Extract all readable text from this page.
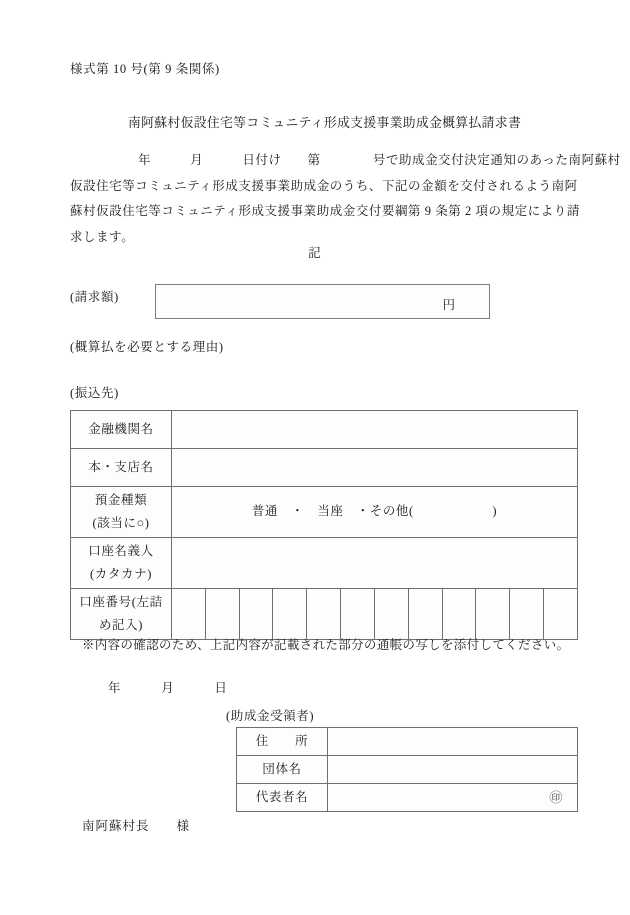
様式第 10 号(第 9 条関係)
南阿蘇村仮設住宅等コミュニティ形成支援事業助成金概算払請求書
年　　　月　　　日付け　　第　　　　号で助成金交付決定通知のあった南阿蘇村
仮設住宅等コミュニティ形成支援事業助成金のうち、下記の金額を交付されるよう南阿
蘇村仮設住宅等コミュニティ形成支援事業助成金交付要綱第 9 条第 2 項の規定により請
求します。
記
(請求額)
円
(概算払を必要とする理由)
(振込先)
金融機関名												
本・支店名												

預金種類
(該当に○)	普通　・　当座　・その他(　　　　　　)											

口座名義人
(カタカナ)												

口座番号(左詰
め記入)												

※内容の確認のため、上記内容が記載された部分の通帳の写しを添付してください。
年　　　月　　　日
(助成金受領者)
住　　所	
団体名	
代表者名	㊞
南阿蘇村長　　様
